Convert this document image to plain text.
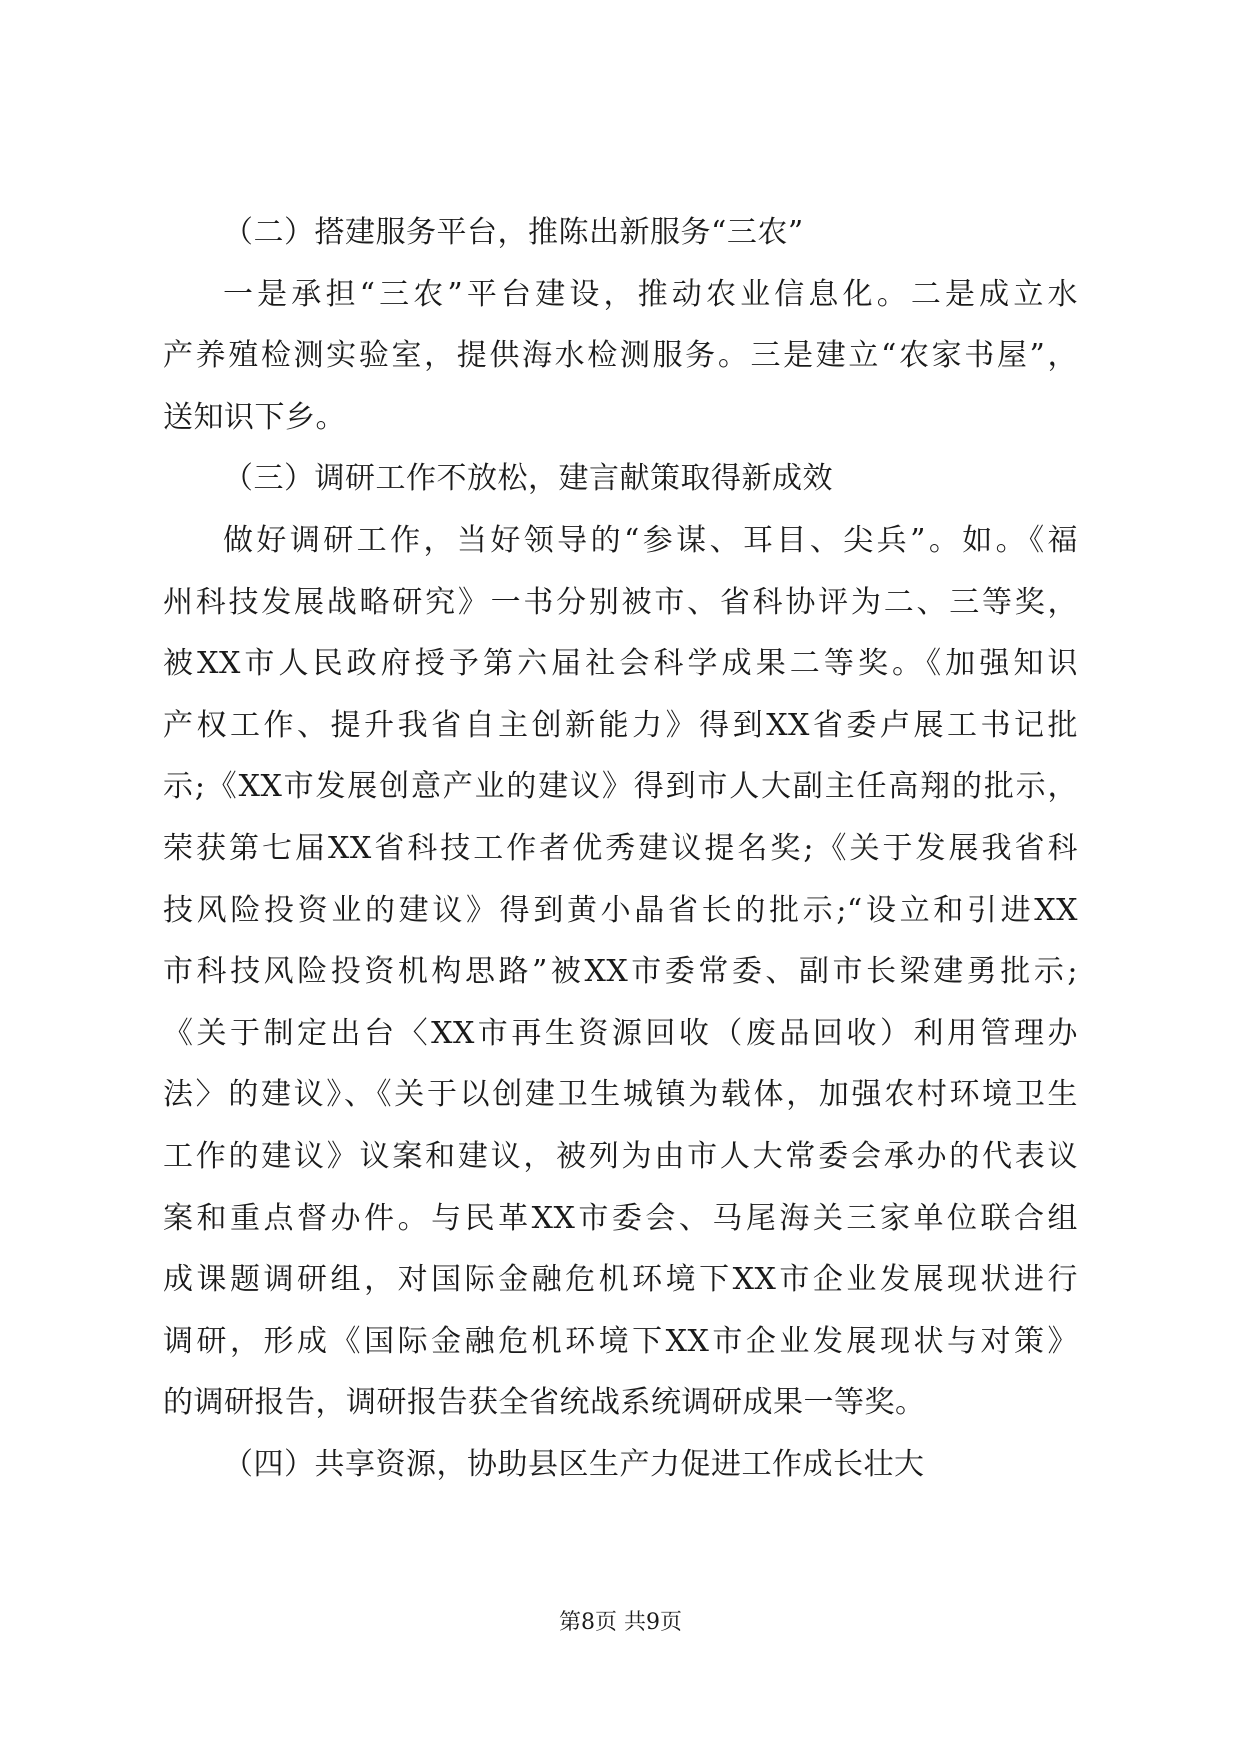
（二）搭建服务平台，推陈出新服务“三农”
一是承担“三农”平台建设，推动农业信息化。二是成立水
产养殖检测实验室，提供海水检测服务。三是建立“农家书屋”，
送知识下乡。
（三）调研工作不放松，建言献策取得新成效
做好调研工作，当好领导的“参谋、耳目、尖兵”。如。《福
州科技发展战略研究》一书分别被市、省科协评为二、三等奖，
被XX市人民政府授予第六届社会科学成果二等奖。《加强知识
产权工作、提升我省自主创新能力》得到XX省委卢展工书记批
示;《XX市发展创意产业的建议》得到市人大副主任高翔的批示，
荣获第七届XX省科技工作者优秀建议提名奖;《关于发展我省科
技风险投资业的建议》得到黄小晶省长的批示;“设立和引进XX
市科技风险投资机构思路”被XX市委常委、副市长梁建勇批示;
《关于制定出台〈XX市再生资源回收（废品回收）利用管理办
法〉的建议》、《关于以创建卫生城镇为载体，加强农村环境卫生
工作的建议》议案和建议，被列为由市人大常委会承办的代表议
案和重点督办件。与民革XX市委会、马尾海关三家单位联合组
成课题调研组，对国际金融危机环境下XX市企业发展现状进行
调研，形成《国际金融危机环境下XX市企业发展现状与对策》
的调研报告，调研报告获全省统战系统调研成果一等奖。
（四）共享资源，协助县区生产力促进工作成长壮大
第8页 共9页
